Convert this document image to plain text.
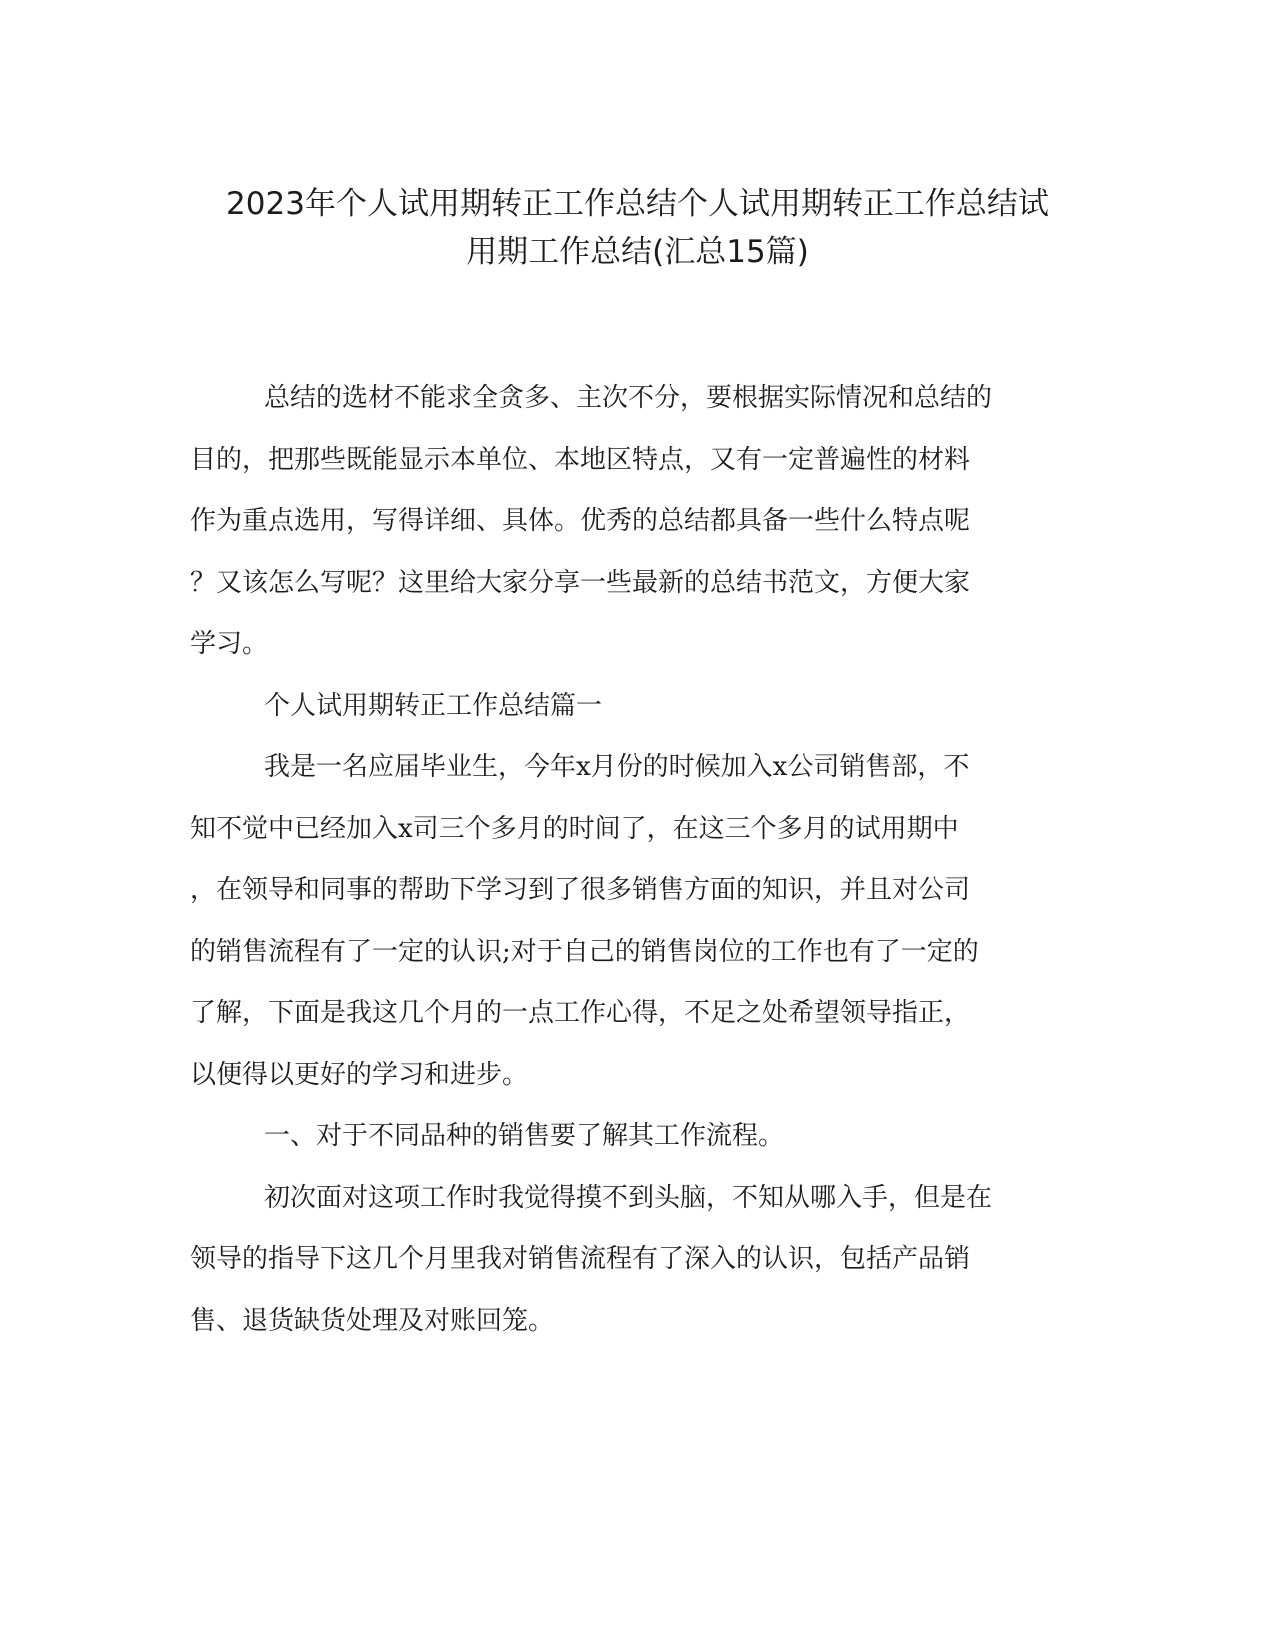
2023年个人试用期转正工作总结个人试用期转正工作总结试
用期工作总结(汇总15篇)
总结的选材不能求全贪多、主次不分，要根据实际情况和总结的
目的，把那些既能显示本单位、本地区特点，又有一定普遍性的材料
作为重点选用，写得详细、具体。优秀的总结都具备一些什么特点呢
？又该怎么写呢？这里给大家分享一些最新的总结书范文，方便大家
学习。
个人试用期转正工作总结篇一
我是一名应届毕业生，今年x月份的时候加入x公司销售部，不
知不觉中已经加入x司三个多月的时间了，在这三个多月的试用期中
，在领导和同事的帮助下学习到了很多销售方面的知识，并且对公司
的销售流程有了一定的认识;对于自己的销售岗位的工作也有了一定的
了解，下面是我这几个月的一点工作心得，不足之处希望领导指正，
以便得以更好的学习和进步。
一、对于不同品种的销售要了解其工作流程。
初次面对这项工作时我觉得摸不到头脑，不知从哪入手，但是在
领导的指导下这几个月里我对销售流程有了深入的认识，包括产品销
售、退货缺货处理及对账回笼。
